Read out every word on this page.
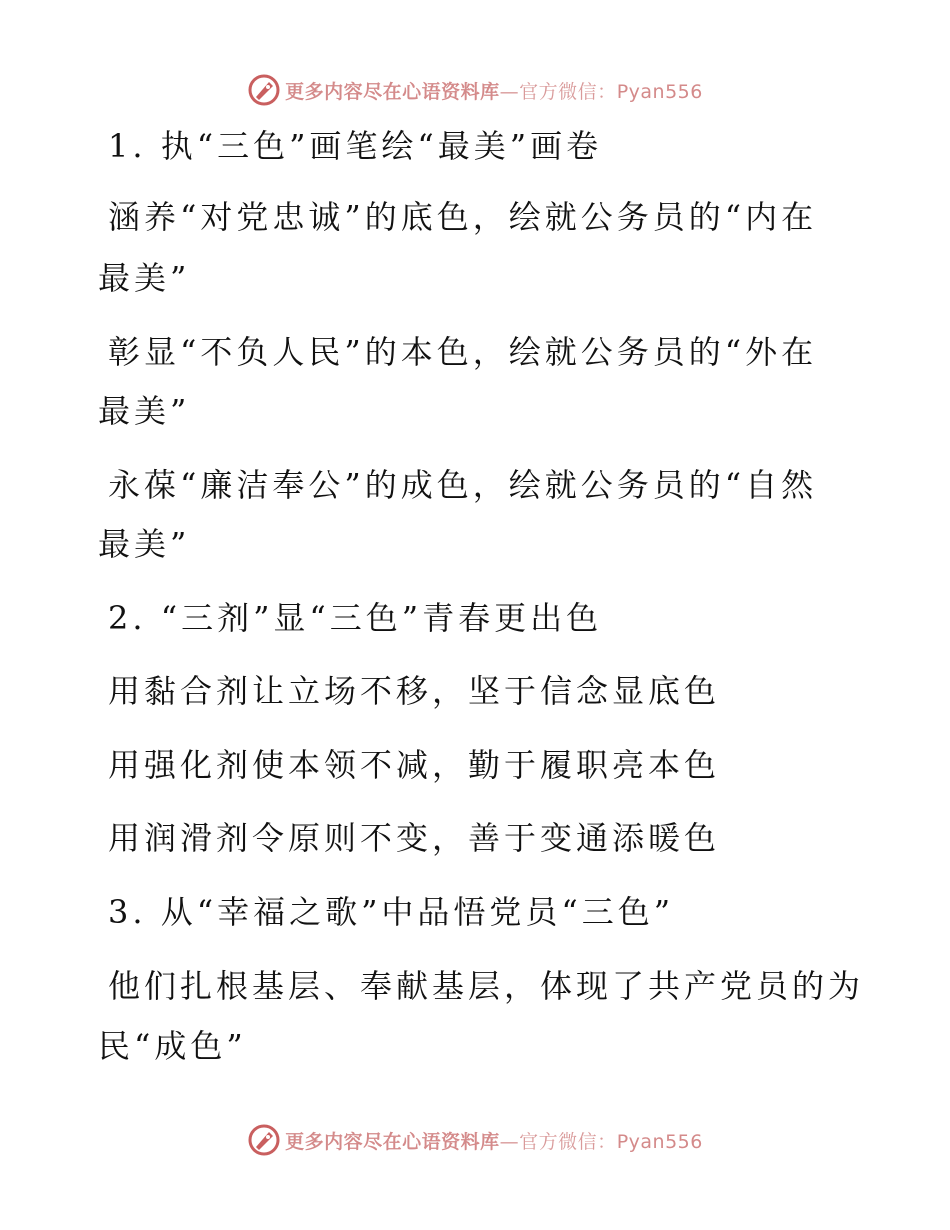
更多内容尽在心语资料库—官方微信：Pyan556
1. 执“三色”画笔绘“最美”画卷
涵养“对党忠诚”的底色，绘就公务员的“内在
最美”
彰显“不负人民”的本色，绘就公务员的“外在
最美”
永葆“廉洁奉公”的成色，绘就公务员的“自然
最美”
2. “三剂”显“三色”青春更出色
用黏合剂让立场不移，坚于信念显底色
用强化剂使本领不减，勤于履职亮本色
用润滑剂令原则不变，善于变通添暖色
3. 从“幸福之歌”中品悟党员“三色”
他们扎根基层、奉献基层，体现了共产党员的为
民“成色”
更多内容尽在心语资料库—官方微信：Pyan556
